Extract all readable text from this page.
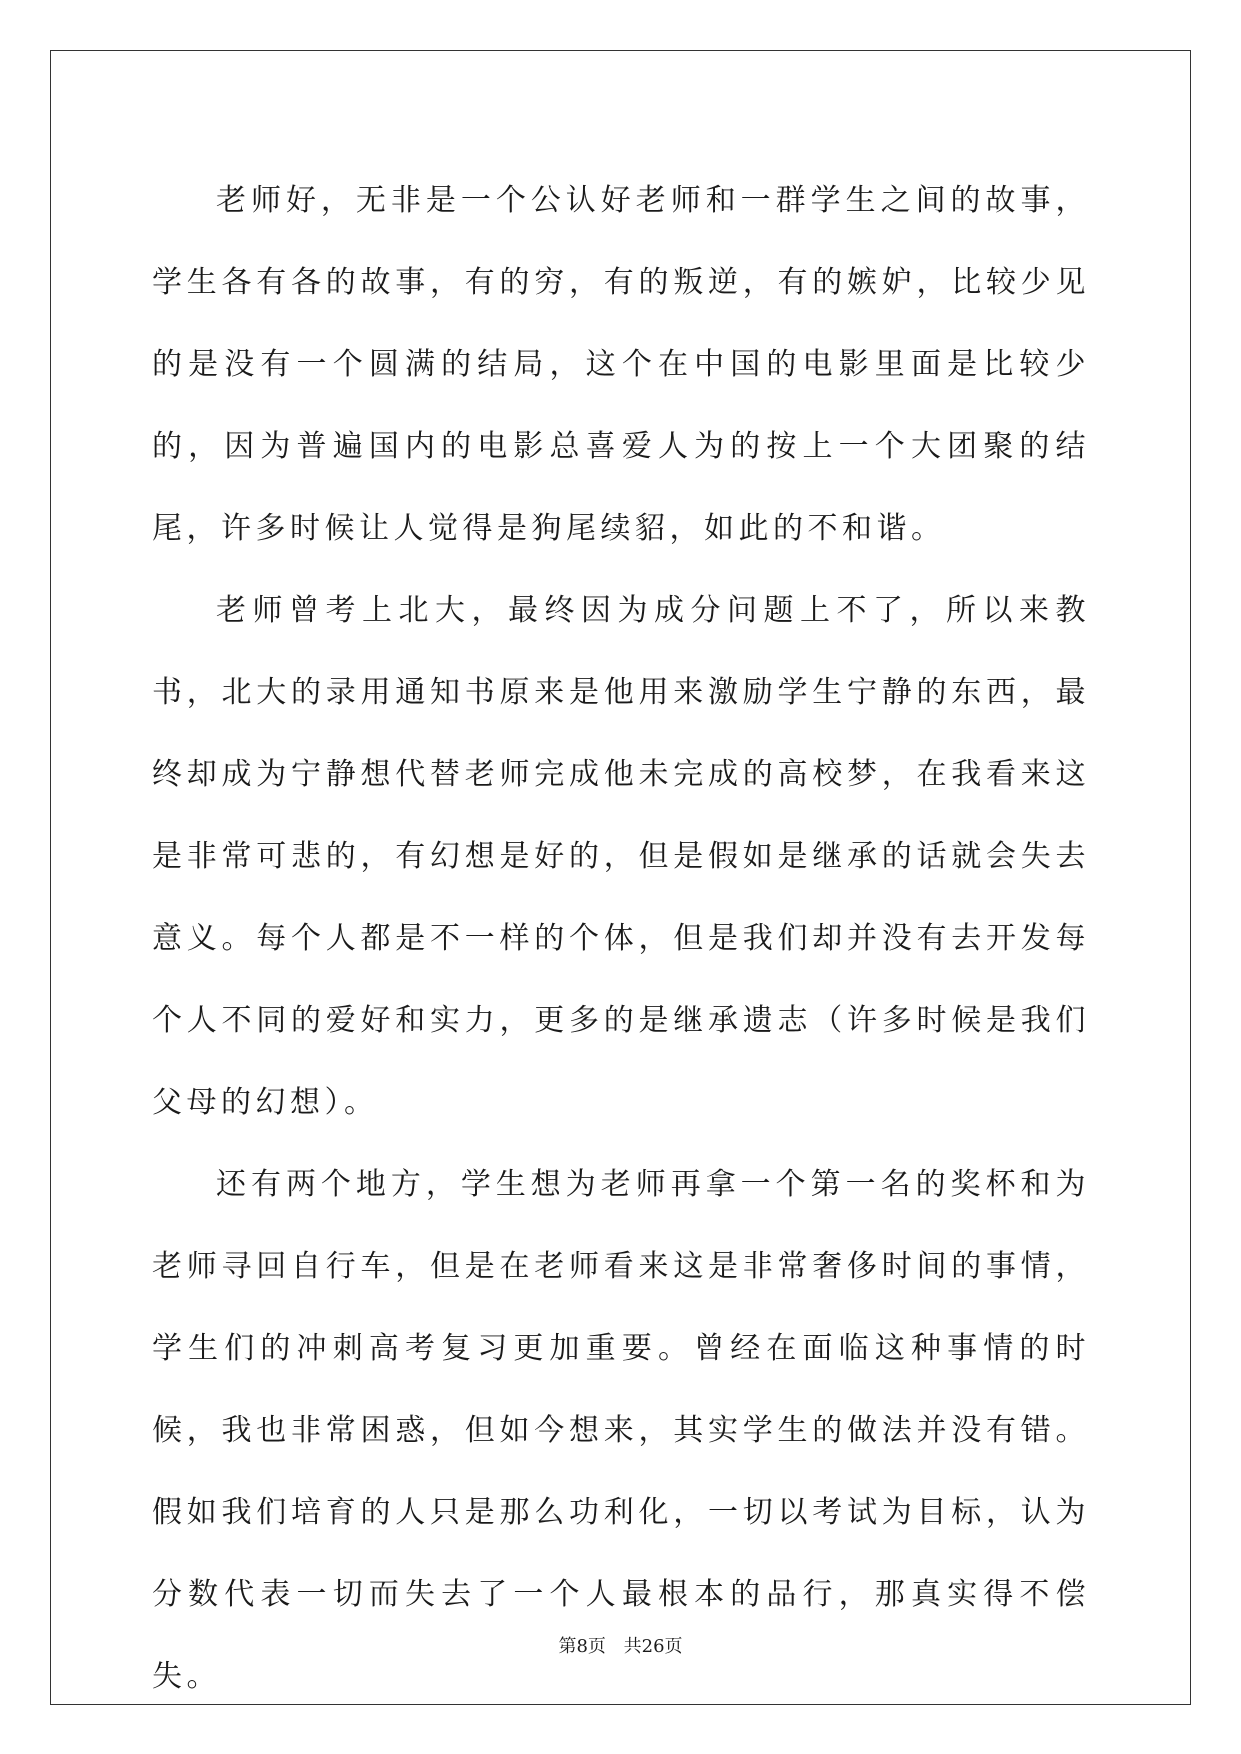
老师好，无非是一个公认好老师和一群学生之间的故事，学生各有各的故事，有的穷，有的叛逆，有的嫉妒，比较少见的是没有一个圆满的结局，这个在中国的电影里面是比较少的，因为普遍国内的电影总喜爱人为的按上一个大团聚的结尾，许多时候让人觉得是狗尾续貂，如此的不和谐。

老师曾考上北大，最终因为成分问题上不了，所以来教书，北大的录用通知书原来是他用来激励学生宁静的东西，最终却成为宁静想代替老师完成他未完成的高校梦，在我看来这是非常可悲的，有幻想是好的，但是假如是继承的话就会失去意义。每个人都是不一样的个体，但是我们却并没有去开发每个人不同的爱好和实力，更多的是继承遗志（许多时候是我们父母的幻想）。

还有两个地方，学生想为老师再拿一个第一名的奖杯和为老师寻回自行车，但是在老师看来这是非常奢侈时间的事情，学生们的冲刺高考复习更加重要。曾经在面临这种事情的时候，我也非常困惑，但如今想来，其实学生的做法并没有错。假如我们培育的人只是那么功利化，一切以考试为目标，认为分数代表一切而失去了一个人最根本的品行，那真实得不偿失。

第8页 共26页
